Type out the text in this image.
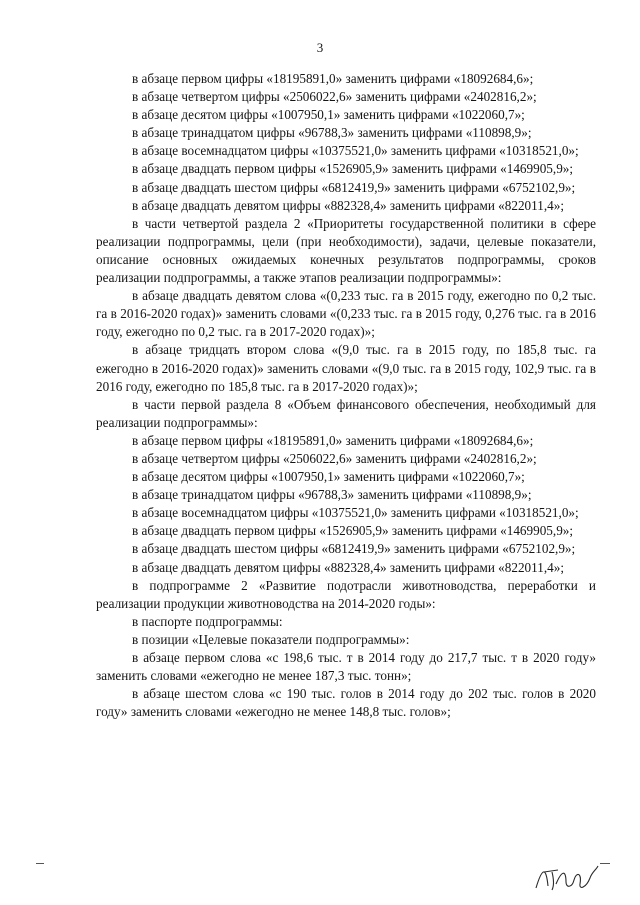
3

в абзаце первом цифры «18195891,0» заменить цифрами «18092684,6»;

в абзаце четвертом цифры «2506022,6» заменить цифрами «2402816,2»;

в абзаце десятом цифры «1007950,1» заменить цифрами «1022060,7»;

в абзаце тринадцатом цифры «96788,3» заменить цифрами «110898,9»;

в абзаце восемнадцатом цифры «10375521,0» заменить цифрами «10318521,0»;

в абзаце двадцать первом цифры «1526905,9» заменить цифрами «1469905,9»;

в абзаце двадцать шестом цифры «6812419,9» заменить цифрами «6752102,9»;

в абзаце двадцать девятом цифры «882328,4» заменить цифрами «822011,4»;

в части четвертой раздела 2 «Приоритеты государственной политики в сфере реализации подпрограммы, цели (при необходимости), задачи, целевые показатели, описание основных ожидаемых конечных результатов подпрограммы, сроков реализации подпрограммы, а также этапов реализации подпрограммы»:

в абзаце двадцать девятом слова «(0,233 тыс. га в 2015 году, ежегодно по 0,2 тыс. га в 2016-2020 годах)» заменить словами «(0,233 тыс. га в 2015 году, 0,276 тыс. га в 2016 году, ежегодно по 0,2 тыс. га в 2017-2020 годах)»;

в абзаце тридцать втором слова «(9,0 тыс. га в 2015 году, по 185,8 тыс. га ежегодно в 2016-2020 годах)» заменить словами «(9,0 тыс. га в 2015 году, 102,9 тыс. га в 2016 году, ежегодно по 185,8 тыс. га в 2017-2020 годах)»;

в части первой раздела 8 «Объем финансового обеспечения, необходимый для реализации подпрограммы»:

в абзаце первом цифры «18195891,0» заменить цифрами «18092684,6»;

в абзаце четвертом цифры «2506022,6» заменить цифрами «2402816,2»;

в абзаце десятом цифры «1007950,1» заменить цифрами «1022060,7»;

в абзаце тринадцатом цифры «96788,3» заменить цифрами «110898,9»;

в абзаце восемнадцатом цифры «10375521,0» заменить цифрами «10318521,0»;

в абзаце двадцать первом цифры «1526905,9» заменить цифрами «1469905,9»;

в абзаце двадцать шестом цифры «6812419,9» заменить цифрами «6752102,9»;

в абзаце двадцать девятом цифры «882328,4» заменить цифрами «822011,4»;

в подпрограмме 2 «Развитие подотрасли животноводства, переработки и реализации продукции животноводства на 2014-2020 годы»:

в паспорте подпрограммы:

в позиции «Целевые показатели подпрограммы»:

в абзаце первом слова «с 198,6 тыс. т в 2014 году до 217,7 тыс. т в 2020 году» заменить словами «ежегодно не менее 187,3 тыс. тонн»;

в абзаце шестом слова «с 190 тыс. голов в 2014 году до 202 тыс. голов в 2020 году» заменить словами «ежегодно не менее 148,8 тыс. голов»;
